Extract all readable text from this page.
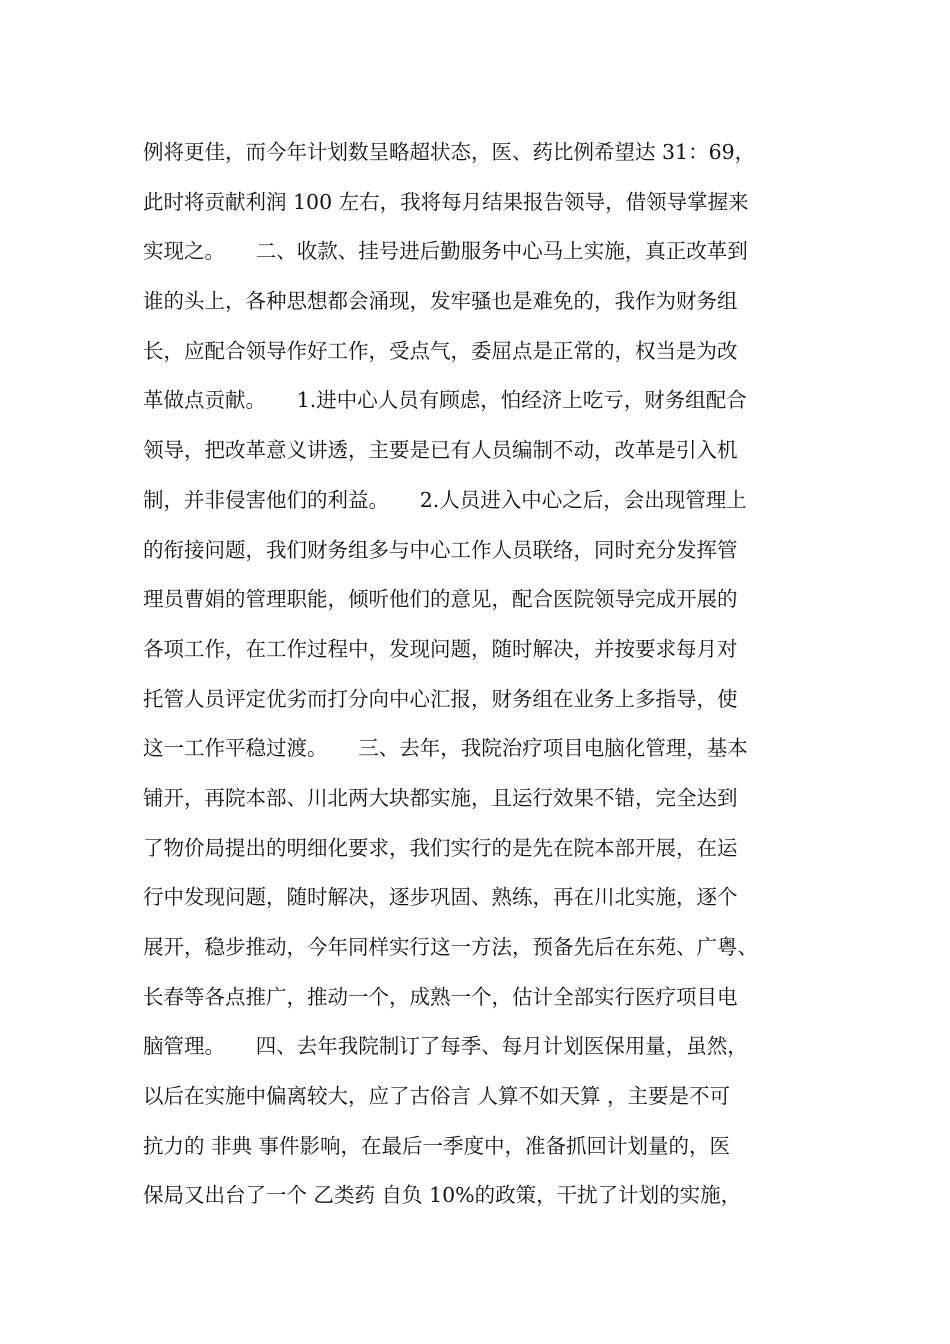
例将更佳，而今年计划数呈略超状态，医、药比例希望达 31：69，
此时将贡献利润 100 左右，我将每月结果报告领导，借领导掌握来
实现之。　　二、收款、挂号进后勤服务中心马上实施，真正改革到
谁的头上，各种思想都会涌现，发牢骚也是难免的，我作为财务组
长，应配合领导作好工作，受点气，委屈点是正常的，权当是为改
革做点贡献。　　1.进中心人员有顾虑，怕经济上吃亏，财务组配合
领导，把改革意义讲透，主要是已有人员编制不动，改革是引入机
制，并非侵害他们的利益。　　2.人员进入中心之后，会出现管理上
的衔接问题，我们财务组多与中心工作人员联络，同时充分发挥管
理员曹娟的管理职能，倾听他们的意见，配合医院领导完成开展的
各项工作，在工作过程中，发现问题，随时解决，并按要求每月对
托管人员评定优劣而打分向中心汇报，财务组在业务上多指导，使
这一工作平稳过渡。　　三、去年，我院治疗项目电脑化管理，基本
铺开，再院本部、川北两大块都实施，且运行效果不错，完全达到
了物价局提出的明细化要求，我们实行的是先在院本部开展，在运
行中发现问题，随时解决，逐步巩固、熟练，再在川北实施，逐个
展开，稳步推动，今年同样实行这一方法，预备先后在东苑、广粤、
长春等各点推广，推动一个，成熟一个，估计全部实行医疗项目电
脑管理。　　四、去年我院制订了每季、每月计划医保用量，虽然，
以后在实施中偏离较大，应了古俗言 人算不如天算 ，主要是不可
抗力的 非典 事件影响，在最后一季度中，准备抓回计划量的，医
保局又出台了一个 乙类药 自负 10%的政策，干扰了计划的实施，
